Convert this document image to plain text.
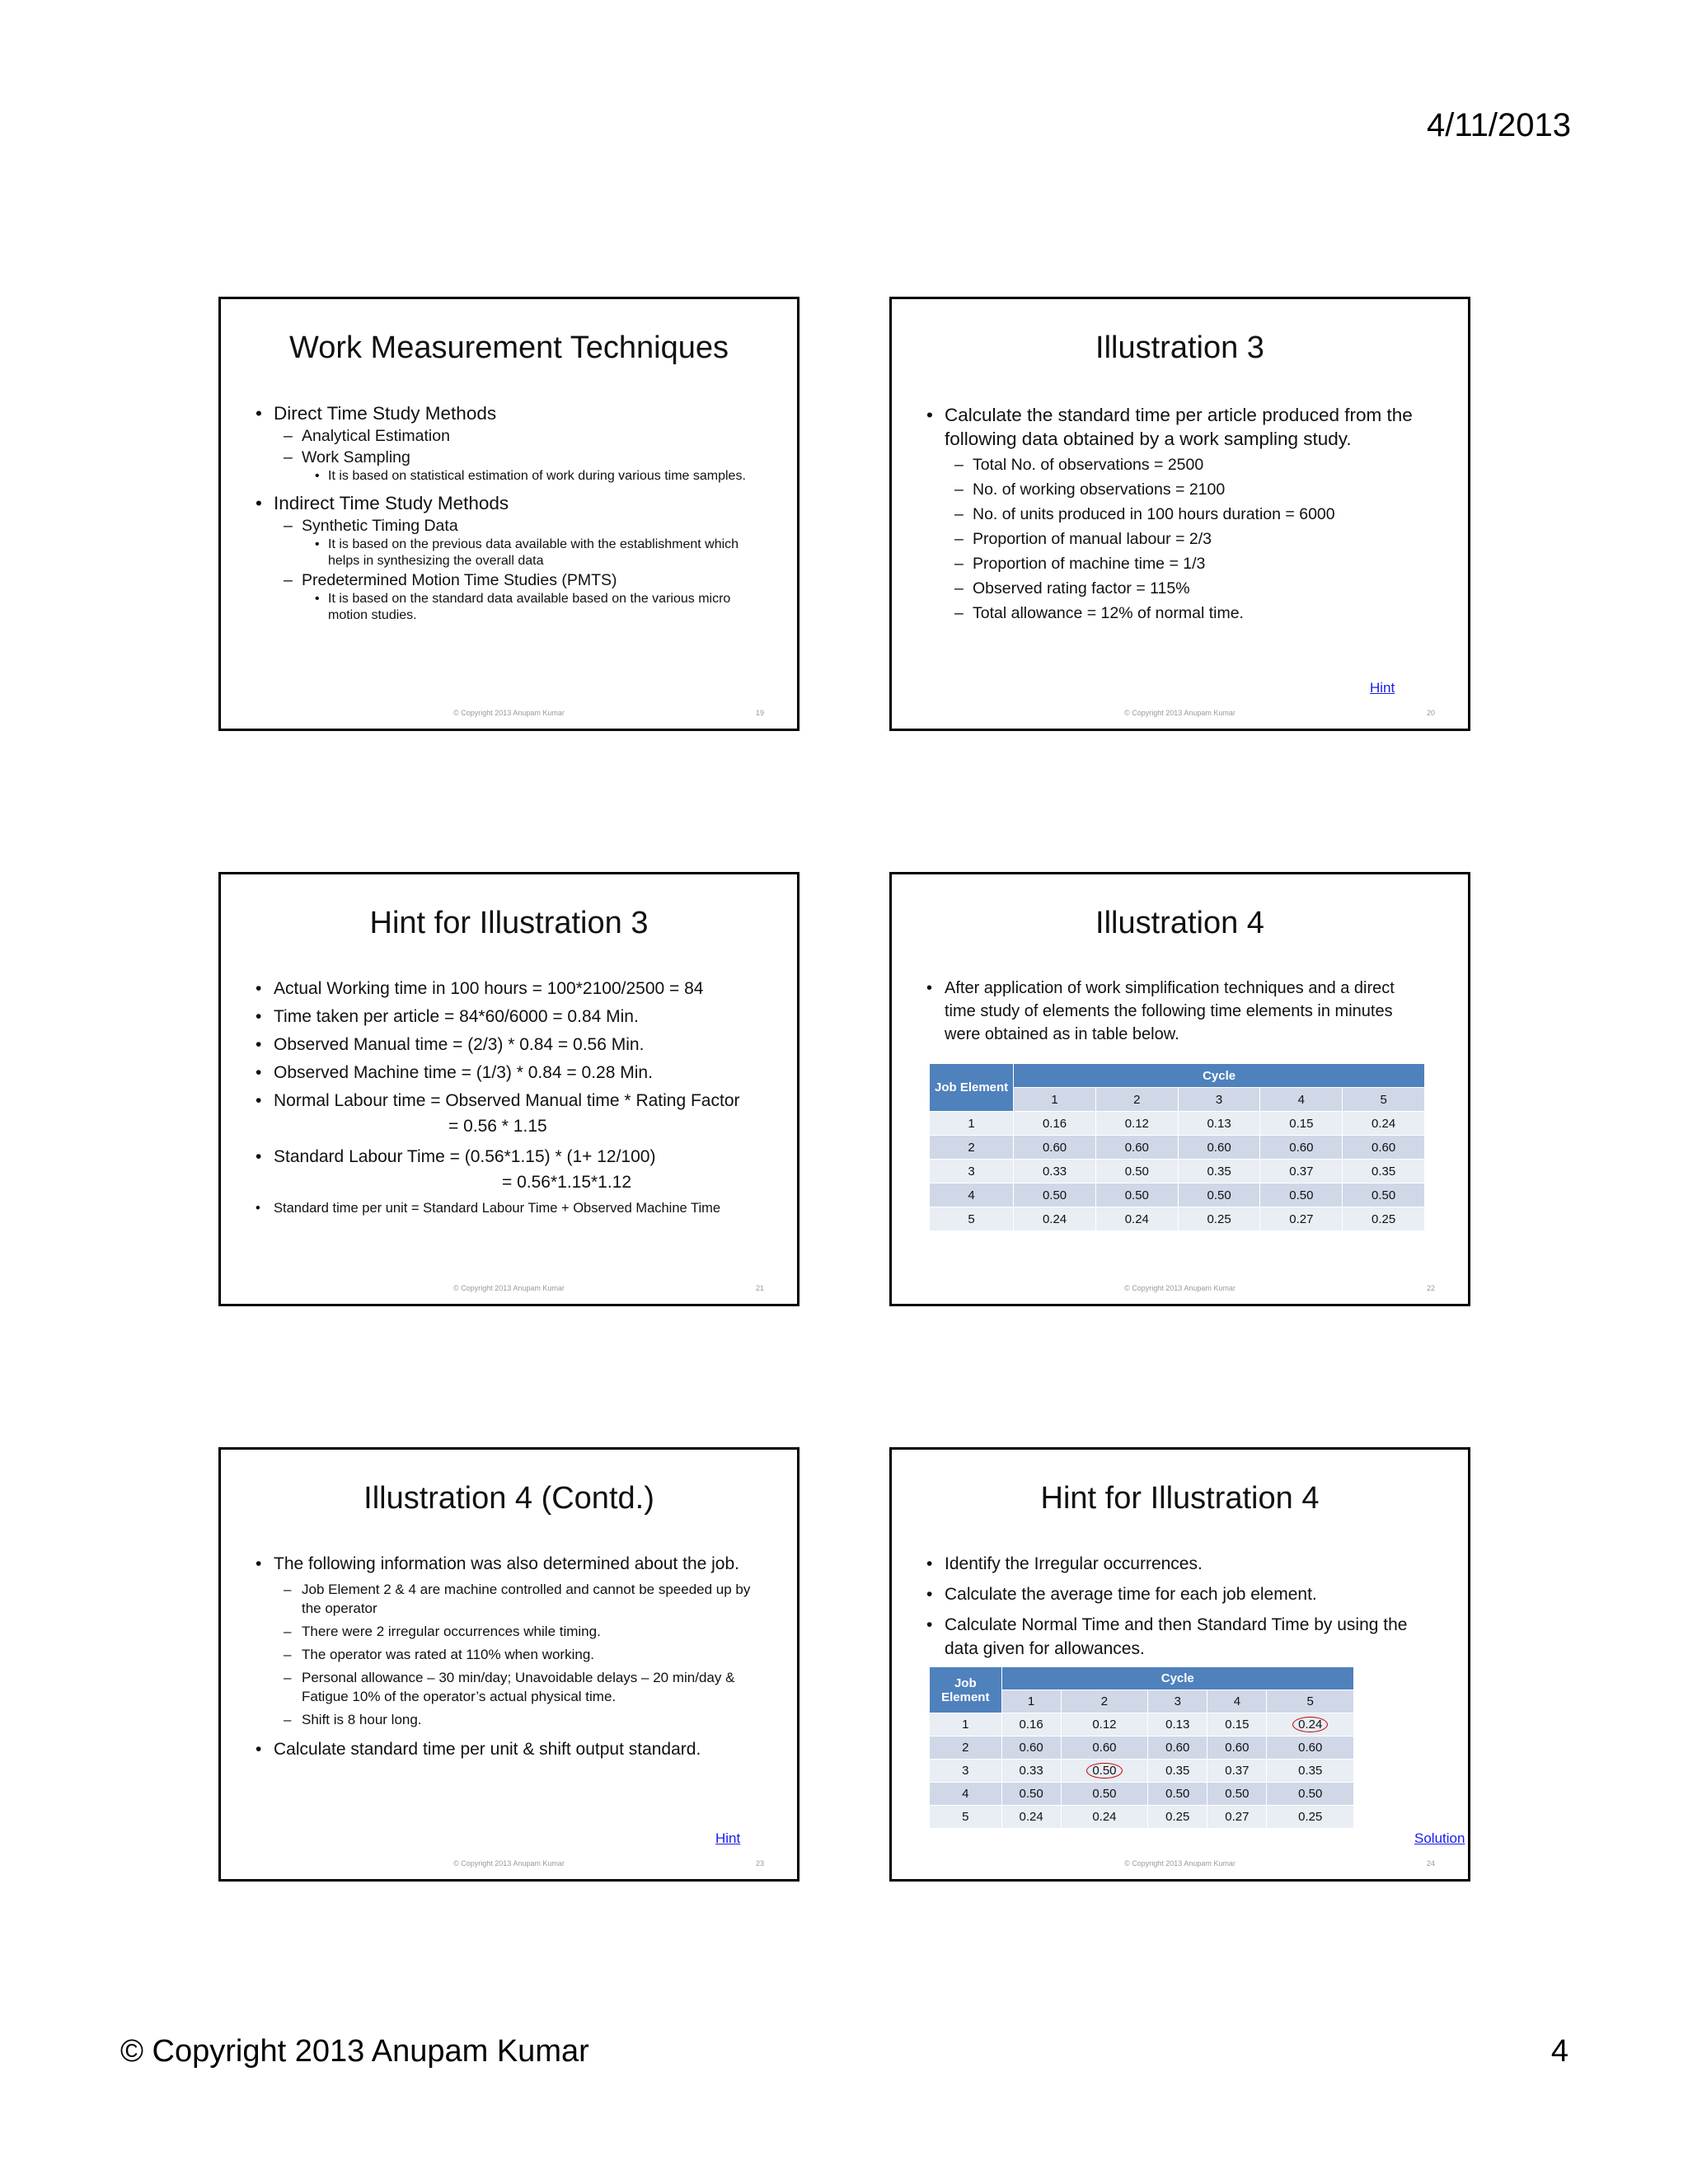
4/11/2013
Work Measurement Techniques
• Direct Time Study Methods
– Analytical Estimation
– Work Sampling
• It is based on statistical estimation of work during various time samples.
• Indirect Time Study Methods
– Synthetic Timing Data
• It is based on the previous data available with the establishment which helps in synthesizing the overall data
– Predetermined Motion Time Studies (PMTS)
• It is based on the standard data available based on the various micro motion studies.
© Copyright 2013 Anupam Kumar	19
Illustration 3
• Calculate the standard time per article produced from the following data obtained by a work sampling study.
– Total No. of observations = 2500
– No. of working observations = 2100
– No. of units produced in 100 hours duration = 6000
– Proportion of manual labour = 2/3
– Proportion of machine time = 1/3
– Observed rating factor = 115%
– Total allowance = 12% of normal time.
Hint
© Copyright 2013 Anupam Kumar	20
Hint for Illustration 3
• Actual Working time in 100 hours = 100*2100/2500 = 84
• Time taken per article = 84*60/6000 = 0.84 Min.
• Observed Manual time = (2/3) * 0.84 = 0.56 Min.
• Observed Machine time = (1/3) * 0.84 = 0.28 Min.
• Normal Labour time = Observed Manual time * Rating Factor
= 0.56 * 1.15
• Standard Labour Time = (0.56*1.15) * (1+ 12/100)
= 0.56*1.15*1.12
• Standard time per unit = Standard Labour Time + Observed Machine Time
© Copyright 2013 Anupam Kumar	21
Illustration 4
• After application of work simplification techniques and a direct time study of elements the following time elements in minutes were obtained as in table below.
Job Element	Cycle				
	1	2	3	4	5
1	0.16	0.12	0.13	0.15	0.24
2	0.60	0.60	0.60	0.60	0.60
3	0.33	0.50	0.35	0.37	0.35
4	0.50	0.50	0.50	0.50	0.50
5	0.24	0.24	0.25	0.27	0.25
© Copyright 2013 Anupam Kumar	22
Illustration 4 (Contd.)
• The following information was also determined about the job.
– Job Element 2 & 4 are machine controlled and cannot be speeded up by the operator
– There were 2 irregular occurrences while timing.
– The operator was rated at 110% when working.
– Personal allowance – 30 min/day; Unavoidable delays – 20 min/day & Fatigue 10% of the operator’s actual physical time.
– Shift is 8 hour long.
• Calculate standard time per unit & shift output standard.
Hint
© Copyright 2013 Anupam Kumar	23
Hint for Illustration 4
• Identify the Irregular occurrences.
• Calculate the average time for each job element.
• Calculate Normal Time and then Standard Time by using the data given for allowances.
Job Element	Cycle				
	1	2	3	4	5
1	0.16	0.12	0.13	0.15	0.24
2	0.60	0.60	0.60	0.60	0.60
3	0.33	0.50	0.35	0.37	0.35
4	0.50	0.50	0.50	0.50	0.50
5	0.24	0.24	0.25	0.27	0.25
Solution
© Copyright 2013 Anupam Kumar	24
© Copyright 2013 Anupam Kumar	4
